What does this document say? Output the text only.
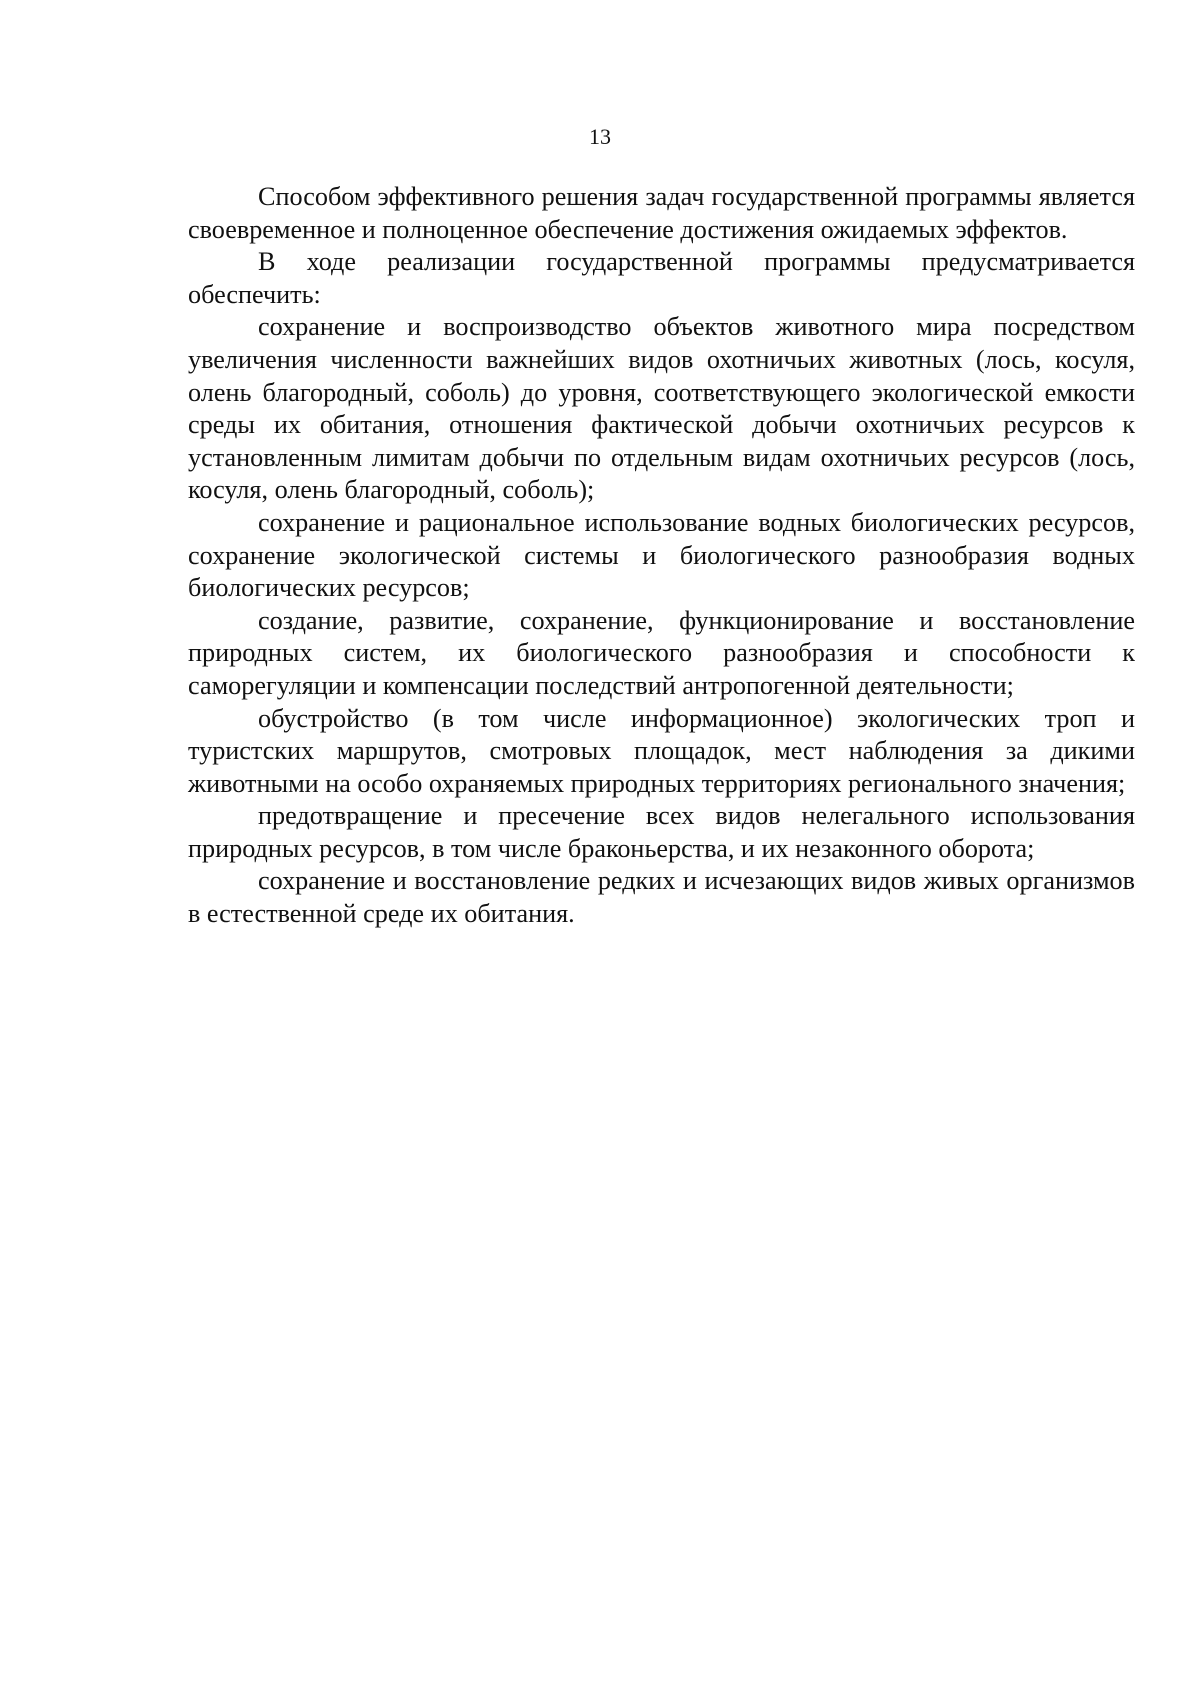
13

Способом эффективного решения задач государственной программы является своевременное и полноценное обеспечение достижения ожидаемых эффектов.

В ходе реализации государственной программы предусматривается обеспечить:

сохранение и воспроизводство объектов животного мира посредством увеличения численности важнейших видов охотничьих животных (лось, косуля, олень благородный, соболь) до уровня, соответствующего экологической емкости среды их обитания, отношения фактической добычи охотничьих ресурсов к установленным лимитам добычи по отдельным видам охотничьих ресурсов (лось, косуля, олень благородный, соболь);

сохранение и рациональное использование водных биологических ресурсов, сохранение экологической системы и биологического разнообразия водных биологических ресурсов;

создание, развитие, сохранение, функционирование и восстановление природных систем, их биологического разнообразия и способности к саморегуляции и компенсации последствий антропогенной деятельности;

обустройство (в том числе информационное) экологических троп и туристских маршрутов, смотровых площадок, мест наблюдения за дикими животными на особо охраняемых природных территориях регионального значения;

предотвращение и пресечение всех видов нелегального использования природных ресурсов, в том числе браконьерства, и их незаконного оборота;

сохранение и восстановление редких и исчезающих видов живых организмов в естественной среде их обитания.
